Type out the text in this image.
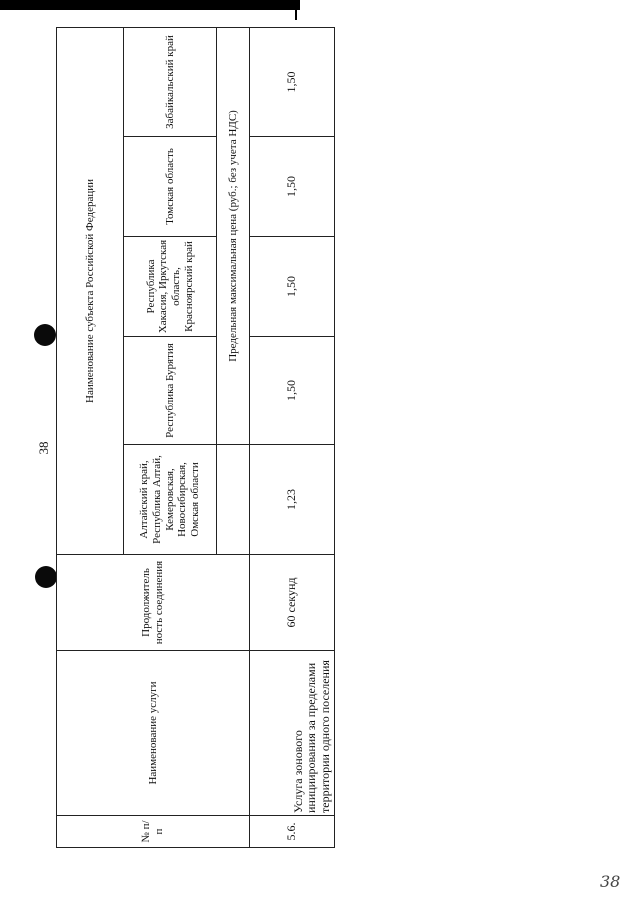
38
№ п/п	Наименование услуги	Продолжитель ность соединения	Наименование субъекта Российской Федерации				
			Алтайский край, Республика Алтай, Кемеровская, Новосибирская, Омская области	Республика Бурятия	Республика Хакасия, Иркутская область, Красноярский край	Томская область	Забайкальский край
				Предельная максимальная цена (руб.; без учета НДС)			
5.6.	Услуга зонового инициирования за пределами территории одного поселения	60 секунд	1,23	1,50	1,50	1,50	1,50
38
